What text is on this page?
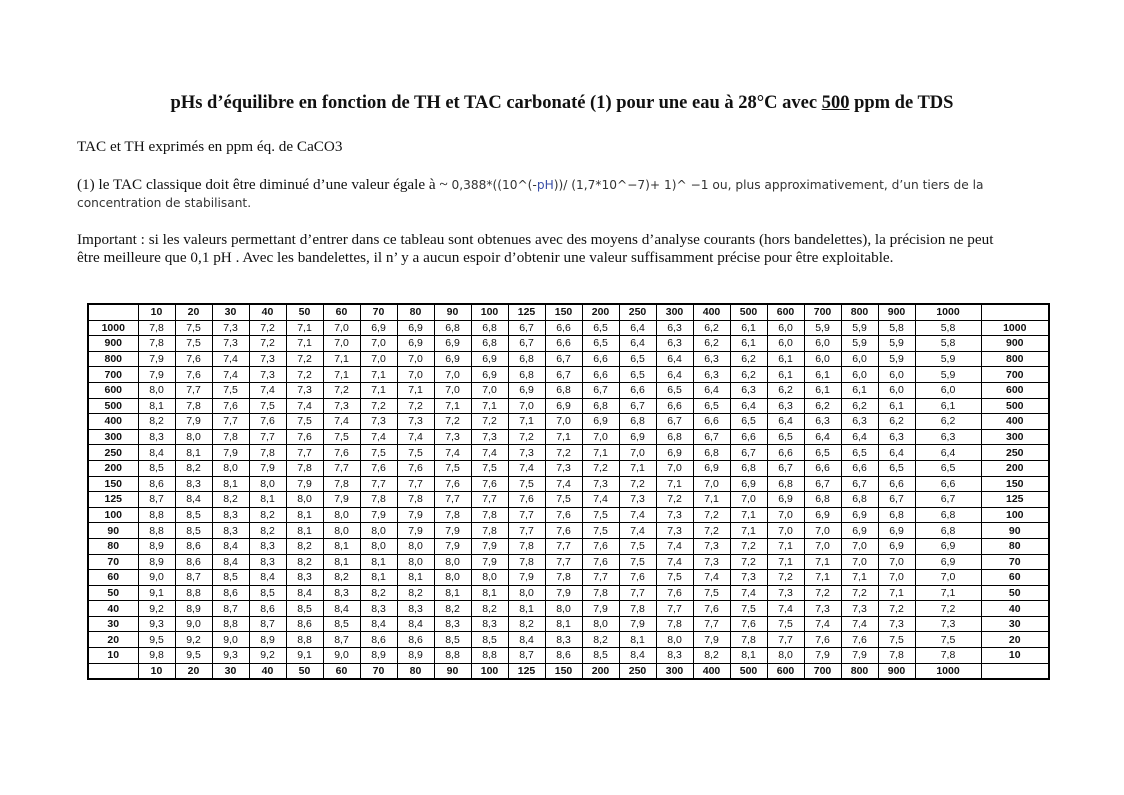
pHs d’équilibre en fonction de TH et TAC carbonaté (1) pour une eau à 28°C avec 500 ppm de TDS

TAC et TH exprimés en ppm éq. de CaCO3

(1) le TAC classique doit être diminué d’une valeur égale à ~ 0,388*((10^(-pH))/ (1,7*10^−7)+ 1)^ −1 ou, plus approximativement, d’un tiers de la
concentration de stabilisant.
Important : si les valeurs permettant d’entrer dans ce tableau sont obtenues avec des moyens d’analyse courants (hors bandelettes), la précision ne peut
être meilleure que 0,1 pH . Avec les bandelettes, il n’ y a aucun espoir d’obtenir une valeur suffisamment précise pour être exploitable.
	10	20	30	40	50	60	70	80	90	100	125	150	200	250	300	400	500	600	700	800	900	1000	
1000	7,8	7,5	7,3	7,2	7,1	7,0	6,9	6,9	6,8	6,8	6,7	6,6	6,5	6,4	6,3	6,2	6,1	6,0	5,9	5,9	5,8	5,8	1000
900	7,8	7,5	7,3	7,2	7,1	7,0	7,0	6,9	6,9	6,8	6,7	6,6	6,5	6,4	6,3	6,2	6,1	6,0	6,0	5,9	5,9	5,8	900
800	7,9	7,6	7,4	7,3	7,2	7,1	7,0	7,0	6,9	6,9	6,8	6,7	6,6	6,5	6,4	6,3	6,2	6,1	6,0	6,0	5,9	5,9	800
700	7,9	7,6	7,4	7,3	7,2	7,1	7,1	7,0	7,0	6,9	6,8	6,7	6,6	6,5	6,4	6,3	6,2	6,1	6,1	6,0	6,0	5,9	700
600	8,0	7,7	7,5	7,4	7,3	7,2	7,1	7,1	7,0	7,0	6,9	6,8	6,7	6,6	6,5	6,4	6,3	6,2	6,1	6,1	6,0	6,0	600
500	8,1	7,8	7,6	7,5	7,4	7,3	7,2	7,2	7,1	7,1	7,0	6,9	6,8	6,7	6,6	6,5	6,4	6,3	6,2	6,2	6,1	6,1	500
400	8,2	7,9	7,7	7,6	7,5	7,4	7,3	7,3	7,2	7,2	7,1	7,0	6,9	6,8	6,7	6,6	6,5	6,4	6,3	6,3	6,2	6,2	400
300	8,3	8,0	7,8	7,7	7,6	7,5	7,4	7,4	7,3	7,3	7,2	7,1	7,0	6,9	6,8	6,7	6,6	6,5	6,4	6,4	6,3	6,3	300
250	8,4	8,1	7,9	7,8	7,7	7,6	7,5	7,5	7,4	7,4	7,3	7,2	7,1	7,0	6,9	6,8	6,7	6,6	6,5	6,5	6,4	6,4	250
200	8,5	8,2	8,0	7,9	7,8	7,7	7,6	7,6	7,5	7,5	7,4	7,3	7,2	7,1	7,0	6,9	6,8	6,7	6,6	6,6	6,5	6,5	200
150	8,6	8,3	8,1	8,0	7,9	7,8	7,7	7,7	7,6	7,6	7,5	7,4	7,3	7,2	7,1	7,0	6,9	6,8	6,7	6,7	6,6	6,6	150
125	8,7	8,4	8,2	8,1	8,0	7,9	7,8	7,8	7,7	7,7	7,6	7,5	7,4	7,3	7,2	7,1	7,0	6,9	6,8	6,8	6,7	6,7	125
100	8,8	8,5	8,3	8,2	8,1	8,0	7,9	7,9	7,8	7,8	7,7	7,6	7,5	7,4	7,3	7,2	7,1	7,0	6,9	6,9	6,8	6,8	100
90	8,8	8,5	8,3	8,2	8,1	8,0	8,0	7,9	7,9	7,8	7,7	7,6	7,5	7,4	7,3	7,2	7,1	7,0	7,0	6,9	6,9	6,8	90
80	8,9	8,6	8,4	8,3	8,2	8,1	8,0	8,0	7,9	7,9	7,8	7,7	7,6	7,5	7,4	7,3	7,2	7,1	7,0	7,0	6,9	6,9	80
70	8,9	8,6	8,4	8,3	8,2	8,1	8,1	8,0	8,0	7,9	7,8	7,7	7,6	7,5	7,4	7,3	7,2	7,1	7,1	7,0	7,0	6,9	70
60	9,0	8,7	8,5	8,4	8,3	8,2	8,1	8,1	8,0	8,0	7,9	7,8	7,7	7,6	7,5	7,4	7,3	7,2	7,1	7,1	7,0	7,0	60
50	9,1	8,8	8,6	8,5	8,4	8,3	8,2	8,2	8,1	8,1	8,0	7,9	7,8	7,7	7,6	7,5	7,4	7,3	7,2	7,2	7,1	7,1	50
40	9,2	8,9	8,7	8,6	8,5	8,4	8,3	8,3	8,2	8,2	8,1	8,0	7,9	7,8	7,7	7,6	7,5	7,4	7,3	7,3	7,2	7,2	40
30	9,3	9,0	8,8	8,7	8,6	8,5	8,4	8,4	8,3	8,3	8,2	8,1	8,0	7,9	7,8	7,7	7,6	7,5	7,4	7,4	7,3	7,3	30
20	9,5	9,2	9,0	8,9	8,8	8,7	8,6	8,6	8,5	8,5	8,4	8,3	8,2	8,1	8,0	7,9	7,8	7,7	7,6	7,6	7,5	7,5	20
10	9,8	9,5	9,3	9,2	9,1	9,0	8,9	8,9	8,8	8,8	8,7	8,6	8,5	8,4	8,3	8,2	8,1	8,0	7,9	7,9	7,8	7,8	10
	10	20	30	40	50	60	70	80	90	100	125	150	200	250	300	400	500	600	700	800	900	1000	
